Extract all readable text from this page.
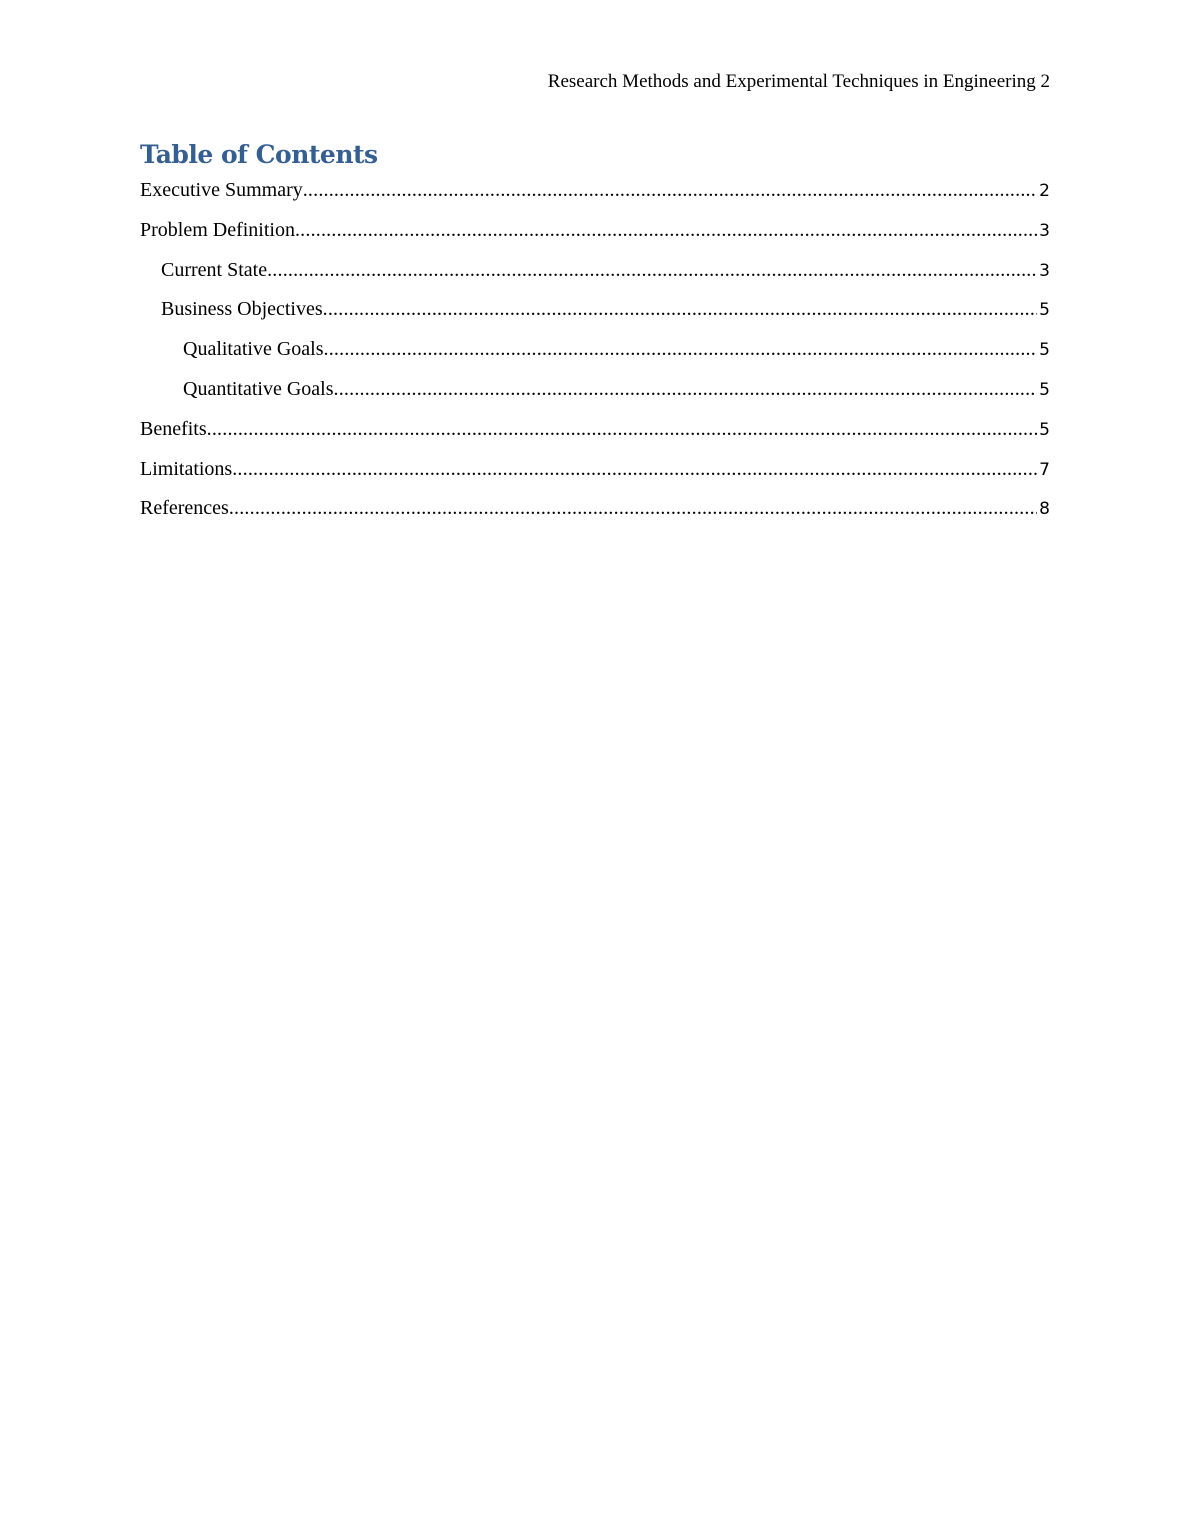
Research Methods and Experimental Techniques in Engineering 2
Table of Contents
Executive Summary .....	2
Problem Definition .....	3
Current State .....	3
Business Objectives .....	5
Qualitative Goals .....	5
Quantitative Goals .....	5
Benefits .....	5
Limitations .....	7
References .....	8
